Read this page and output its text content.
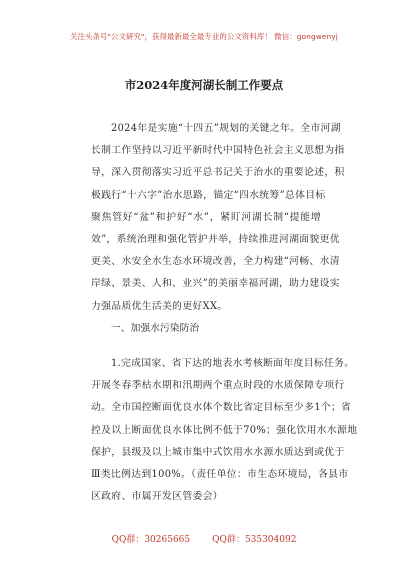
关注头条号"公文研究"，获得最新最全最专业的公文资料库！ 微信：gongwenyj
市2024年度河湖长制工作要点
2024年是实施“十四五”规划的关键之年。全市河湖
长制工作坚持以习近平新时代中国特色社会主义思想为指
导，深入贯彻落实习近平总书记关于治水的重要论述，积
极践行“十六字”治水思路，锚定“四水统筹”总体目标
聚焦管好“盆”和护好“水”，紧盯河湖长制“提能增
效”，系统治理和强化管护并举，持续推进河湖面貌更优
更美、水安全水生态水环境改善，全力构建“河畅、水清
岸绿、景美、人和、业兴”的美丽幸福河湖，助力建设实
力强品质优生活美的更好XX。
一、加强水污染防治
1.完成国家、省下达的地表水考核断面年度目标任务。
开展冬春季枯水期和汛期两个重点时段的水质保障专项行
动。全市国控断面优良水体个数比省定目标至少多1个；省
控及以上断面优良水体比例不低于70%；强化饮用水水源地
保护，县级及以上城市集中式饮用水水源水质达到或优于
Ⅲ类比例达到100%。（责任单位：市生态环境局，各县市
区政府、市属开发区管委会）
QQ群：30265665 QQ群：535304092
